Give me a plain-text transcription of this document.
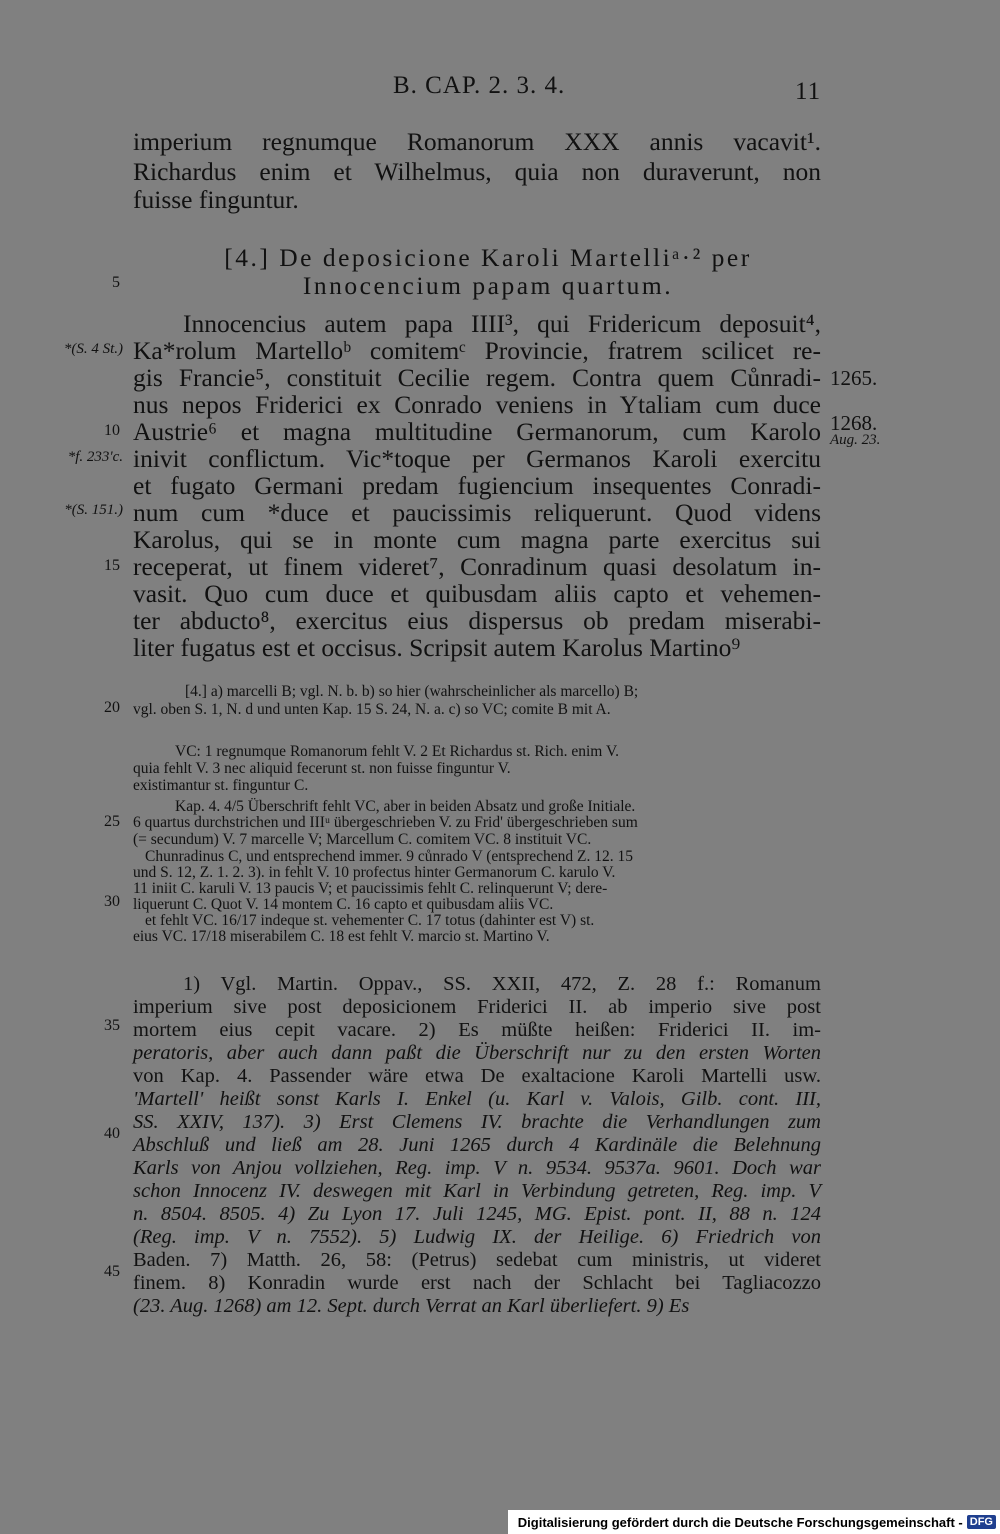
B. CAP. 2. 3. 4.	11
imperium regnumque Romanorum XXX annis vacavit¹.
Richardus enim et Wilhelmus, quia non duraverunt, non
fuisse finguntur.
[4.] De deposicione Karoli Martelliᵃ·² per
Innocencium papam quartum.
Innocencius autem papa IIII³, qui Fridericum deposuit⁴,
Ka*rolum Martelloᵇ comitemᶜ Provincie, fratrem scilicet re-
gis Francie⁵, constituit Cecilie regem. Contra quem Cůnradi-
nus nepos Friderici ex Conrado veniens in Ytaliam cum duce
Austrie⁶ et magna multitudine Germanorum, cum Karolo
inivit conflictum. Vic*toque per Germanos Karoli exercitu
et fugato Germani predam fugiencium insequentes Conradi-
num cum *duce et paucissimis reliquerunt. Quod videns
Karolus, qui se in monte cum magna parte exercitus sui
receperat, ut finem videret⁷, Conradinum quasi desolatum in-
vasit. Quo cum duce et quibusdam aliis capto et vehemen-
ter abducto⁸, exercitus eius dispersus ob predam miserabi-
liter fugatus est et occisus. Scripsit autem Karolus Martino⁹
5
10
15
20
25
30
35
40
45
*(S. 4 St.)
*f. 233'c.
*(S. 151.)
1265.
1268.
Aug. 23.
[4.] a) marcelli B; vgl. N. b. b) so hier (wahrscheinlicher als marcello) B;
vgl. oben S. 1, N. d und unten Kap. 15 S. 24, N. a. c) so VC; comite B mit A.
VC: 1 regnumque Romanorum fehlt V. 2 Et Richardus st. Rich. enim V.
quia fehlt V. 3 nec aliquid fecerunt st. non fuisse finguntur V.
existimantur st. finguntur C.
Kap. 4. 4/5 Überschrift fehlt VC, aber in beiden Absatz und große Initiale.
6 quartus durchstrichen und IIIᵘ übergeschrieben V. zu Frid' übergeschrieben sum
(= secundum) V. 7 marcelle V; Marcellum C. comitem VC. 8 instituit VC.
Chunradinus C, und entsprechend immer. 9 cůnrado V (entsprechend Z. 12. 15
und S. 12, Z. 1. 2. 3). in fehlt V. 10 profectus hinter Germanorum C. karulo V.
11 iniit C. karuli V. 13 paucis V; et paucissimis fehlt C. relinquerunt V; dere-
liquerunt C. Quot V. 14 montem C. 16 capto et quibusdam aliis VC.
et fehlt VC. 16/17 indeque st. vehementer C. 17 totus (dahinter est V) st.
eius VC. 17/18 miserabilem C. 18 est fehlt V. marcio st. Martino V.
1) Vgl. Martin. Oppav., SS. XXII, 472, Z. 28 f.: Romanum
imperium sive post deposicionem Friderici II. ab imperio sive post
mortem eius cepit vacare. 2) Es müßte heißen: Friderici II. im-
peratoris, aber auch dann paßt die Überschrift nur zu den ersten Worten
von Kap. 4. Passender wäre etwa De exaltacione Karoli Martelli usw.
'Martell' heißt sonst Karls I. Enkel (u. Karl v. Valois, Gilb. cont. III,
SS. XXIV, 137). 3) Erst Clemens IV. brachte die Verhandlungen zum
Abschluß und ließ am 28. Juni 1265 durch 4 Kardinäle die Belehnung
Karls von Anjou vollziehen, Reg. imp. V n. 9534. 9537a. 9601. Doch war
schon Innocenz IV. deswegen mit Karl in Verbindung getreten, Reg. imp. V
n. 8504. 8505. 4) Zu Lyon 17. Juli 1245, MG. Epist. pont. II, 88 n. 124
(Reg. imp. V n. 7552). 5) Ludwig IX. der Heilige. 6) Friedrich von
Baden. 7) Matth. 26, 58: (Petrus) sedebat cum ministris, ut videret
finem. 8) Konradin wurde erst nach der Schlacht bei Tagliacozzo
(23. Aug. 1268) am 12. Sept. durch Verrat an Karl überliefert. 9) Es
Digitalisierung gefördert durch die Deutsche Forschungsgemeinschaft - DFG
